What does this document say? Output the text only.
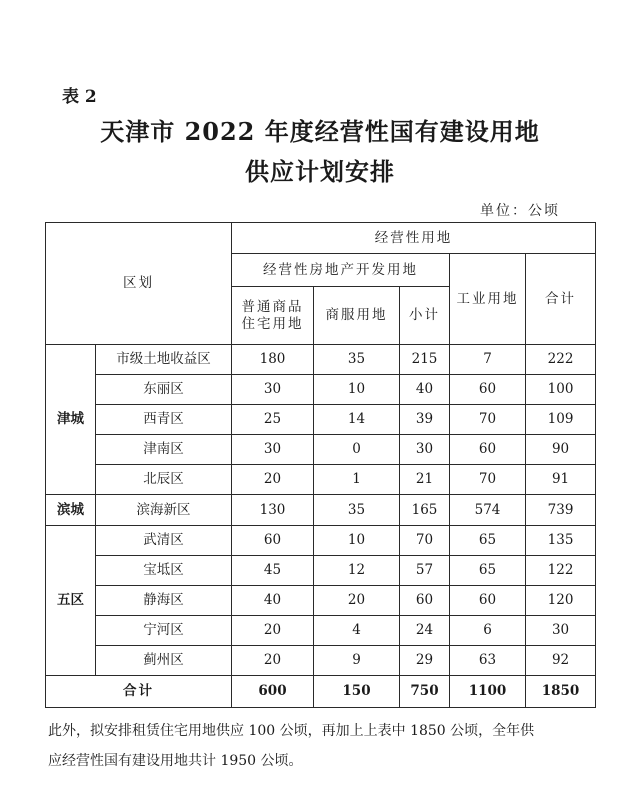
表 2
天津市 2022 年度经营性国有建设用地
供应计划安排
单位：公顷
区划		经营性用地				
		经营性房地产开发用地			工业用地	合计

		普通商品
住宅用地	商服用地	小计		
津城	市级土地收益区	180	35	215	7	222
	东丽区	30	10	40	60	100
	西青区	25	14	39	70	109
	津南区	30	0	30	60	90
	北辰区	20	1	21	70	91
滨城	滨海新区	130	35	165	574	739
五区	武清区	60	10	70	65	135
	宝坻区	45	12	57	65	122
	静海区	40	20	60	60	120
	宁河区	20	4	24	6	30
	蓟州区	20	9	29	63	92
合计		600	150	750	1100	1850
此外，拟安排租赁住宅用地供应 100 公顷，再加上上表中 1850 公顷，全年供
应经营性国有建设用地共计 1950 公顷。
